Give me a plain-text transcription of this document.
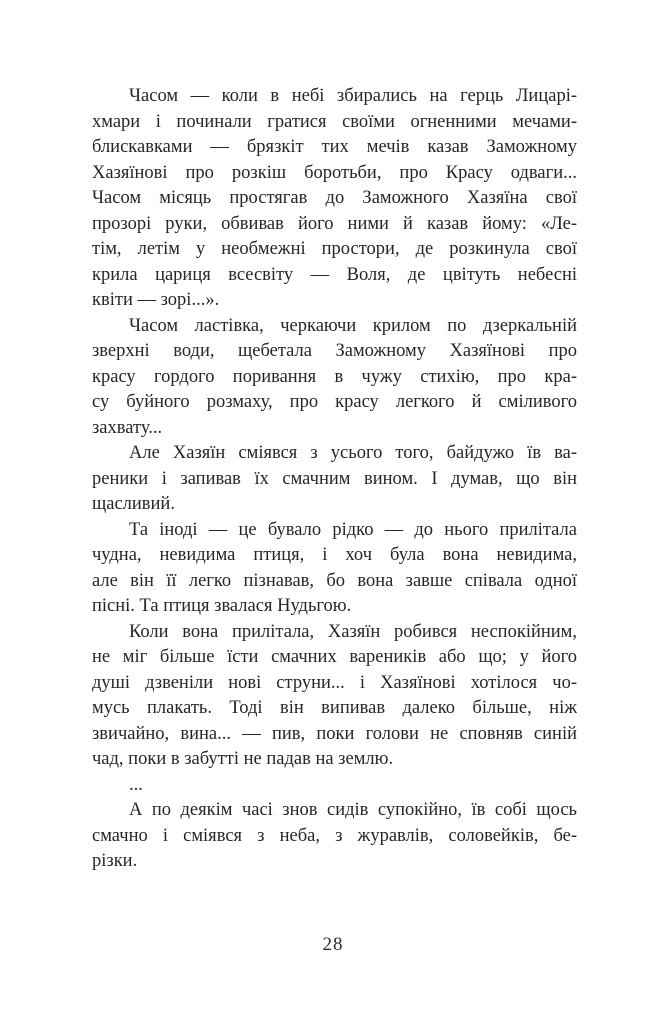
Часом — коли в небі збирались на герць Лицарі-
хмари і починали гратися своїми огненними мечами-
блискавками — брязкіт тих мечів казав Заможному
Хазяїнові про розкіш боротьби, про Красу одваги...
Часом місяць простягав до Заможного Хазяїна свої
прозорі руки, обвивав його ними й казав йому: «Ле-
тім, летім у необмежні простори, де розкинула свої
крила цариця всесвіту — Воля, де цвітуть небесні
квіти — зорі...».
Часом ластівка, черкаючи крилом по дзеркальній
зверхні води, щебетала Заможному Хазяїнові про
красу гордого поривання в чужу стихію, про кра-
су буйного розмаху, про красу легкого й сміливого
захвату...
Але Хазяїн сміявся з усього того, байдужо їв ва-
реники і запивав їх смачним вином. І думав, що він
щасливий.
Та іноді — це бувало рідко — до нього прилітала
чудна, невидима птиця, і хоч була вона невидима,
але він її легко пізнавав, бо вона завше співала одної
пісні. Та птиця звалася Нудьгою.
Коли вона прилітала, Хазяїн робився неспокійним,
не міг більше їсти смачних вареників або що; у його
душі дзвеніли нові струни... і Хазяїнові хотілося чо-
мусь плакать. Тоді він випивав далеко більше, ніж
звичайно, вина... — пив, поки голови не сповняв синій
чад, поки в забутті не падав на землю.
...
А по деякім часі знов сидів супокійно, їв собі щось
смачно і сміявся з неба, з журавлів, соловейків, бе-
різки.
28
